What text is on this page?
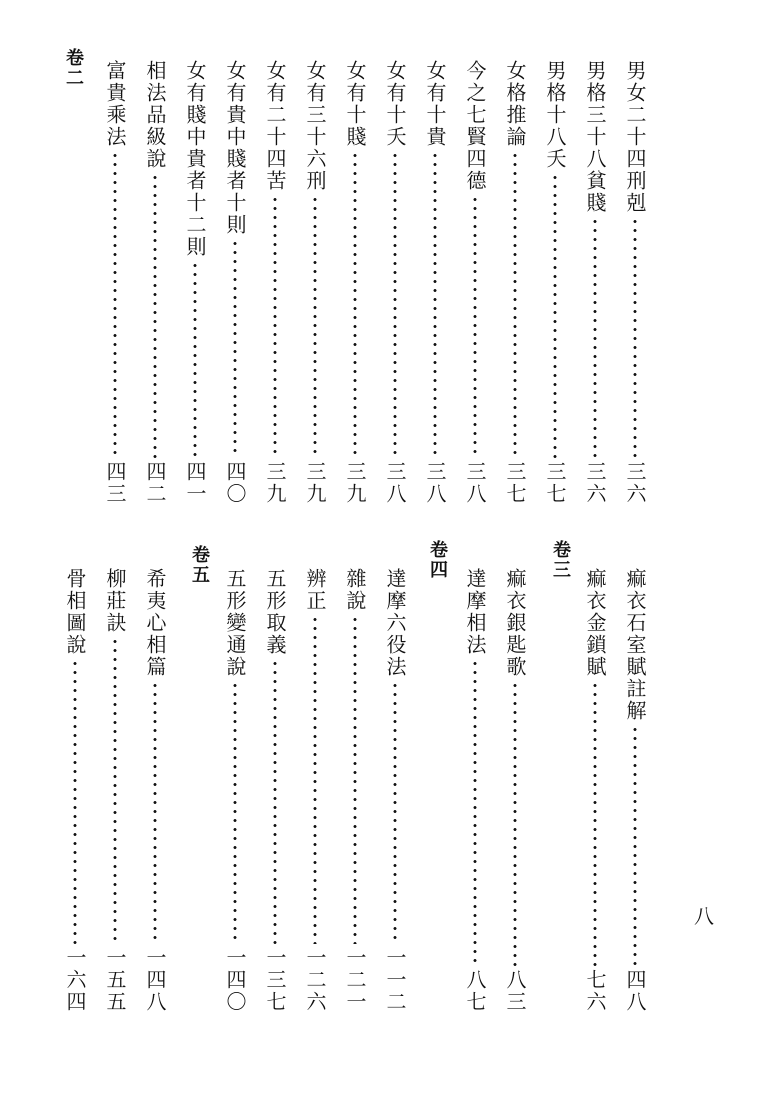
男女二十四刑剋
三六
男格三十八貧賤
三六
男格十八夭
三七
女格推論
三七
今之七賢四德
三八
女有十貴
三八
女有十夭
三八
女有十賤
三九
女有三十六刑
三九
女有二十四苦
三九
女有貴中賤者十則
四〇
女有賤中貴者十二則
四一
相法品級說
四二
富貴乘法
四三
卷二
痲衣石室賦註解
四八
痲衣金鎖賦
七六
卷三
痲衣銀匙歌
八三
達摩相法
八七
卷四
達摩六役法
一一二
雜說
一二一
辨正
一二六
五形取義
一三七
五形變通說
一四〇
卷五
希夷心相篇
一四八
柳莊訣
一五五
骨相圖說
一六四
八
